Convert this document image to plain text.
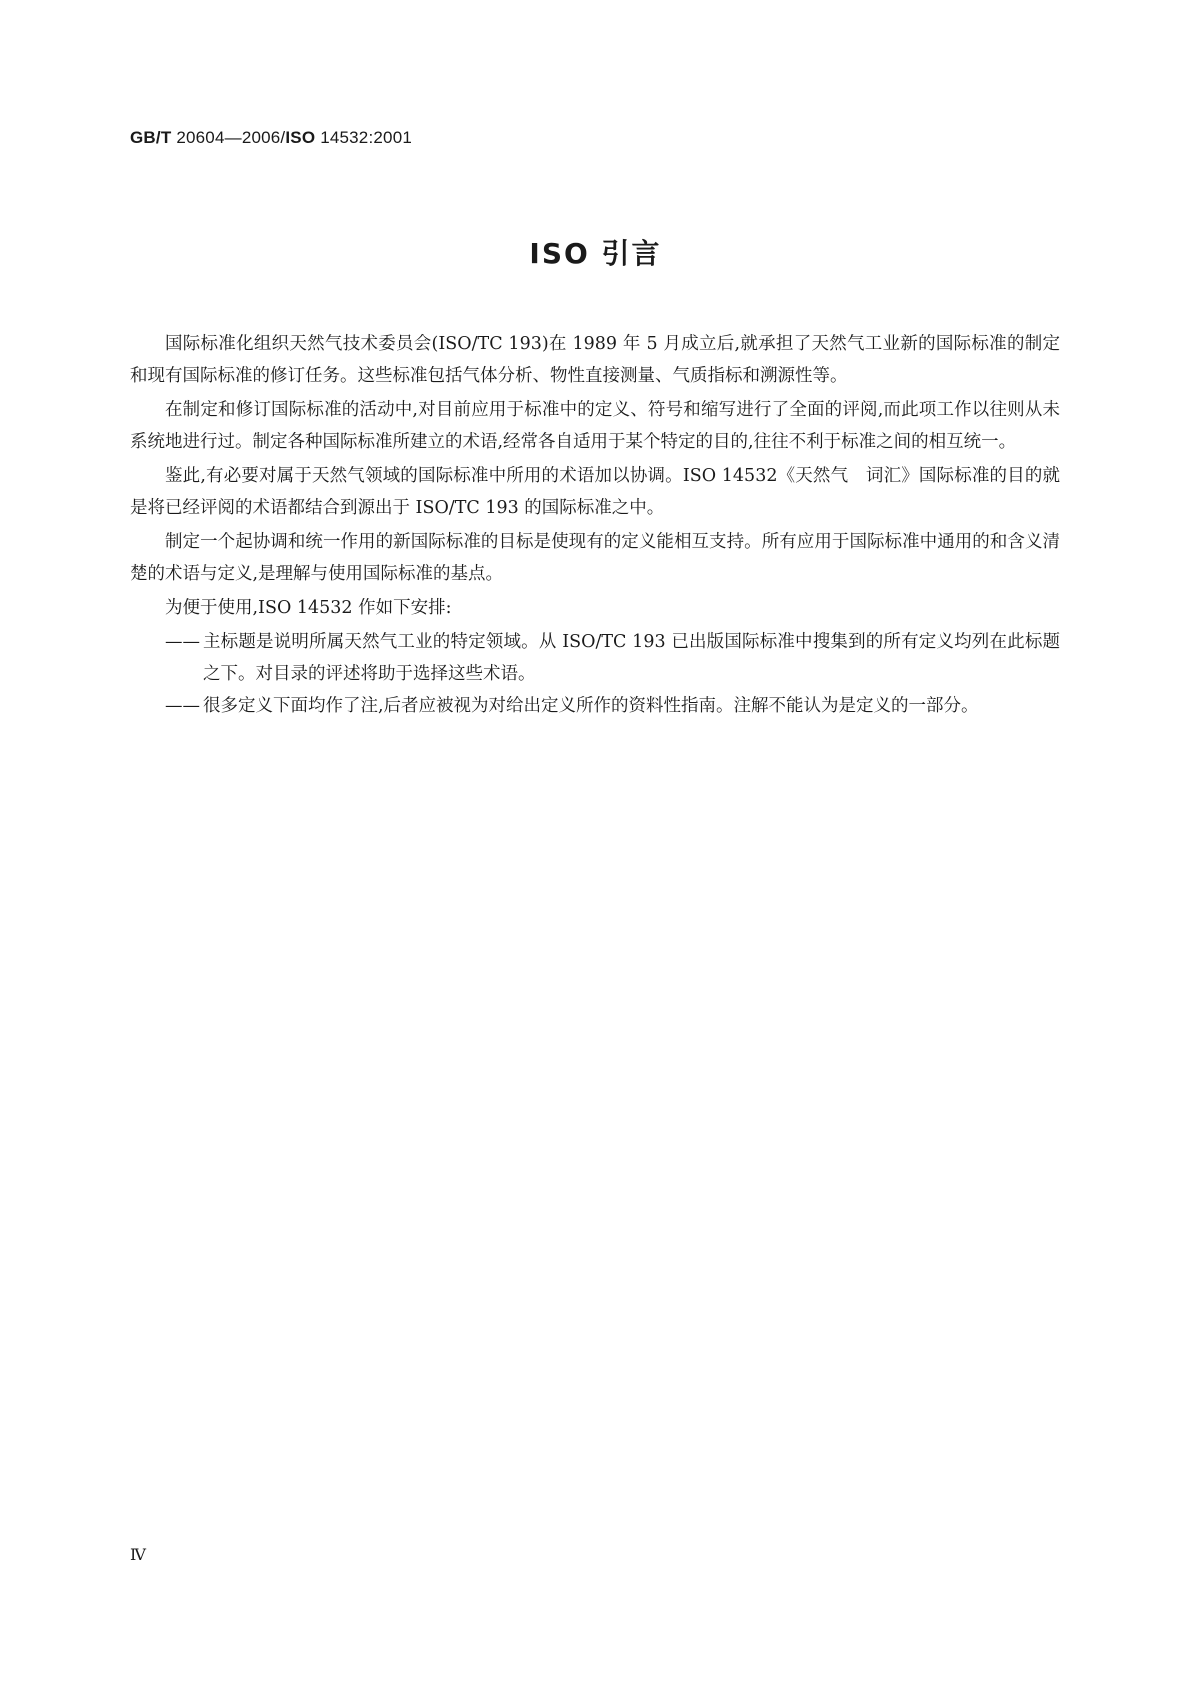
GB/T 20604—2006/ISO 14532:2001
ISO 引言

国际标准化组织天然气技术委员会(ISO/TC 193)在 1989 年 5 月成立后,就承担了天然气工业新的国际标准的制定和现有国际标准的修订任务。这些标准包括气体分析、物性直接测量、气质指标和溯源性等。

在制定和修订国际标准的活动中,对目前应用于标准中的定义、符号和缩写进行了全面的评阅,而此项工作以往则从未系统地进行过。制定各种国际标准所建立的术语,经常各自适用于某个特定的目的,往往不利于标准之间的相互统一。

鉴此,有必要对属于天然气领域的国际标准中所用的术语加以协调。ISO 14532《天然气　词汇》国际标准的目的就是将已经评阅的术语都结合到源出于 ISO/TC 193 的国际标准之中。

制定一个起协调和统一作用的新国际标准的目标是使现有的定义能相互支持。所有应用于国际标准中通用的和含义清楚的术语与定义,是理解与使用国际标准的基点。

为便于使用,ISO 14532 作如下安排:

—— 主标题是说明所属天然气工业的特定领域。从 ISO/TC 193 已出版国际标准中搜集到的所有定义均列在此标题之下。对目录的评述将助于选择这些术语。
—— 很多定义下面均作了注,后者应被视为对给出定义所作的资料性指南。注解不能认为是定义的一部分。
Ⅳ
